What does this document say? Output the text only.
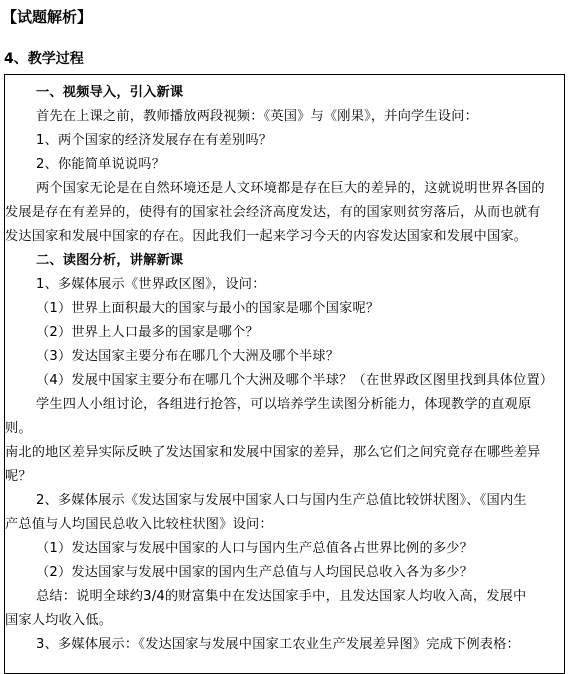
【试题解析】
4、教学过程
一、视频导入，引入新课
首先在上课之前，教师播放两段视频：《英国》与《刚果》，并向学生设问：
1、两个国家的经济发展存在有差别吗？
2、你能简单说说吗？
两个国家无论是在自然环境还是人文环境都是存在巨大的差异的，这就说明世界各国的
发展是存在有差异的，使得有的国家社会经济高度发达，有的国家则贫穷落后，从而也就有
发达国家和发展中国家的存在。因此我们一起来学习今天的内容发达国家和发展中国家。
二、读图分析，讲解新课
1、多媒体展示《世界政区图》，设问：
（1）世界上面积最大的国家与最小的国家是哪个国家呢？
（2）世界上人口最多的国家是哪个？
（3）发达国家主要分布在哪几个大洲及哪个半球？
（4）发展中国家主要分布在哪几个大洲及哪个半球？（在世界政区图里找到具体位置）
学生四人小组讨论，各组进行抢答，可以培养学生读图分析能力，体现教学的直观原
则。
南北的地区差异实际反映了发达国家和发展中国家的差异，那么它们之间究竟存在哪些差异
呢？
2、多媒体展示《发达国家与发展中国家人口与国内生产总值比较饼状图》、《国内生
产总值与人均国民总收入比较柱状图》设问：
（1）发达国家与发展中国家的人口与国内生产总值各占世界比例的多少？
（2）发达国家与发展中国家的国内生产总值与人均国民总收入各为多少？
总结：说明全球约3/4的财富集中在发达国家手中，且发达国家人均收入高，发展中
国家人均收入低。
3、多媒体展示：《发达国家与发展中国家工农业生产发展差异图》完成下例表格：
